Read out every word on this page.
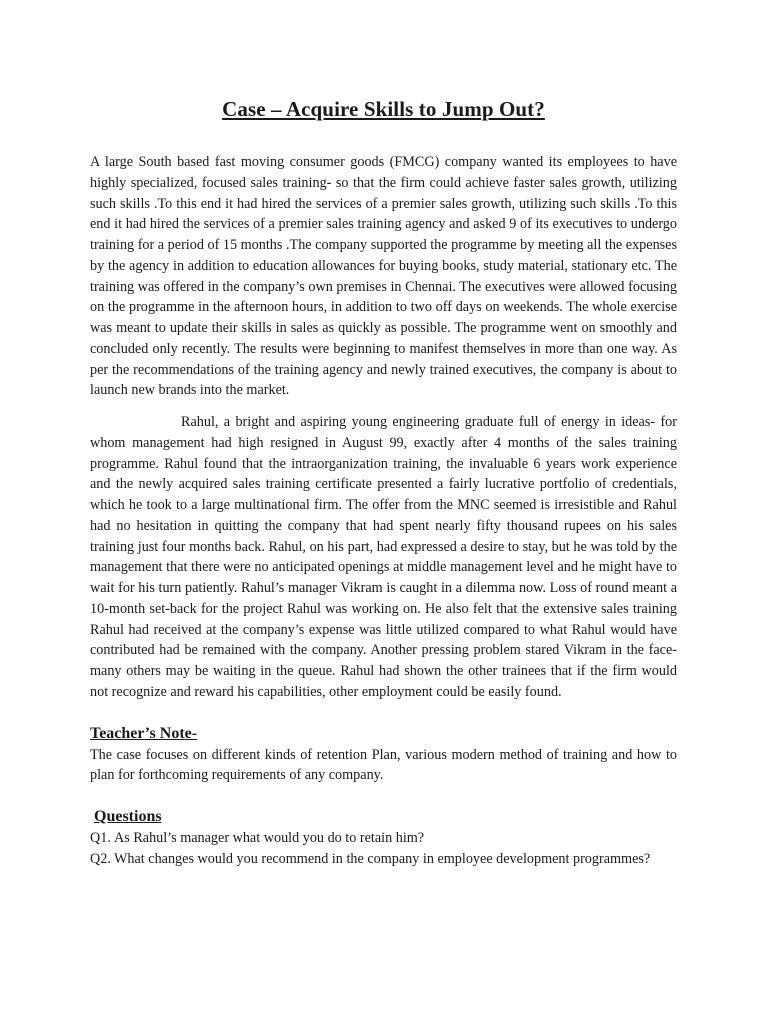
Case – Acquire Skills to Jump Out?

A large South based fast moving consumer goods (FMCG) company wanted its employees to have highly specialized, focused sales training- so that the firm could achieve faster sales growth, utilizing such skills .To this end it had hired the services of a premier sales growth, utilizing such skills .To this end it had hired the services of a premier sales training agency and asked 9 of its executives to undergo training for a period of 15 months .The company supported the programme by meeting all the expenses by the agency in addition to education allowances for buying books, study material, stationary etc. The training was offered in the company’s own premises in Chennai. The executives were allowed focusing on the programme in the afternoon hours, in addition to two off days on weekends. The whole exercise was meant to update their skills in sales as quickly as possible. The programme went on smoothly and concluded only recently. The results were beginning to manifest themselves in more than one way. As per the recommendations of the training agency and newly trained executives, the company is about to launch new brands into the market.

Rahul, a bright and aspiring young engineering graduate full of energy in ideas- for whom management had high resigned in August 99, exactly after 4 months of the sales training programme. Rahul found that the intraorganization training, the invaluable 6 years work experience and the newly acquired sales training certificate presented a fairly lucrative portfolio of credentials, which he took to a large multinational firm. The offer from the MNC seemed is irresistible and Rahul had no hesitation in quitting the company that had spent nearly fifty thousand rupees on his sales training just four months back. Rahul, on his part, had expressed a desire to stay, but he was told by the management that there were no anticipated openings at middle management level and he might have to wait for his turn patiently. Rahul’s manager Vikram is caught in a dilemma now. Loss of round meant a 10-month set-back for the project Rahul was working on. He also felt that the extensive sales training Rahul had received at the company’s expense was little utilized compared to what Rahul would have contributed had be remained with the company. Another pressing problem stared Vikram in the face- many others may be waiting in the queue. Rahul had shown the other trainees that if the firm would not recognize and reward his capabilities, other employment could be easily found.

Teacher’s Note-

The case focuses on different kinds of retention Plan, various modern method of training and how to plan for forthcoming requirements of any company.

Questions
Q1. As Rahul’s manager what would you do to retain him?
Q2. What changes would you recommend in the company in employee development programmes?
